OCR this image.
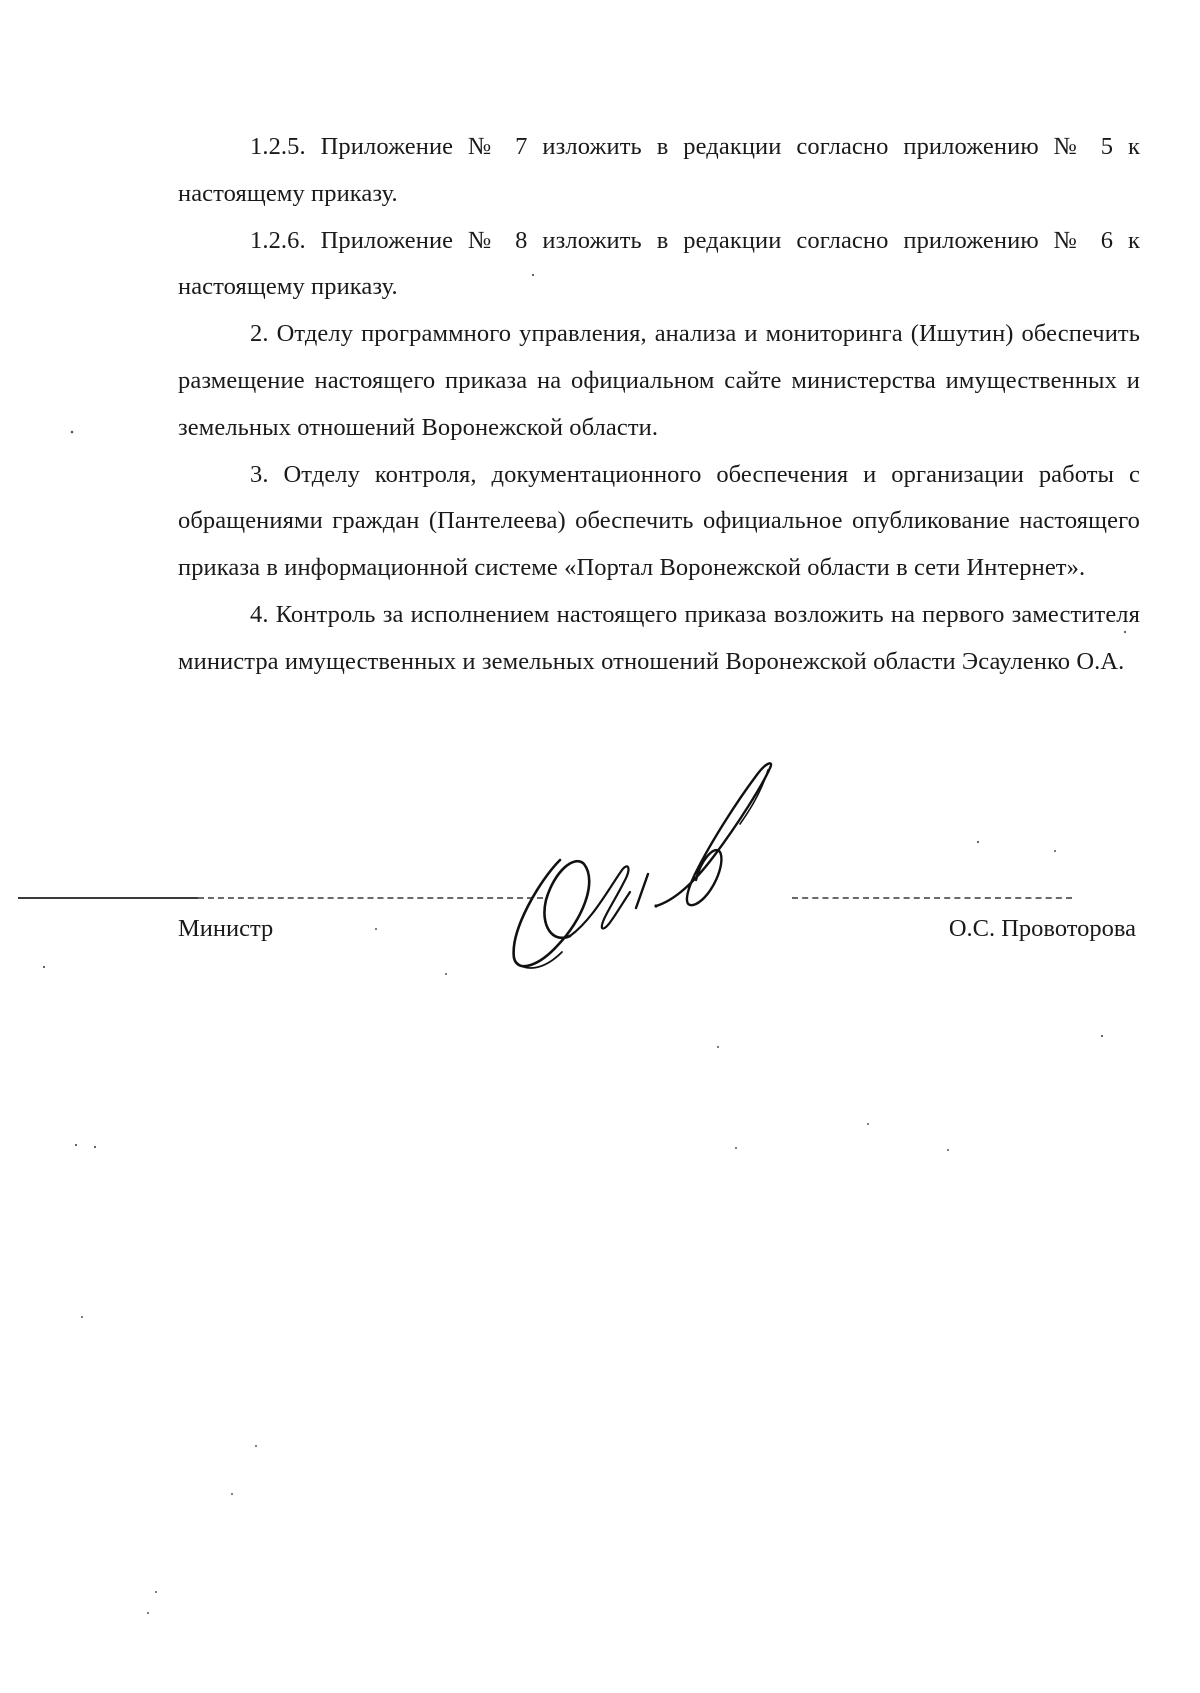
1.2.5. Приложение № 7 изложить в редакции согласно приложению № 5 к настоящему приказу.

1.2.6. Приложение № 8 изложить в редакции согласно приложению № 6 к настоящему приказу.

2. Отделу программного управления, анализа и мониторинга (Ишутин) обеспечить размещение настоящего приказа на официальном сайте министерства имущественных и земельных отношений Воронежской области.

3. Отделу контроля, документационного обеспечения и организации работы с обращениями граждан (Пантелеева) обеспечить официальное опубликование настоящего приказа в информационной системе «Портал Воронежской области в сети Интернет».

4. Контроль за исполнением настоящего приказа возложить на первого заместителя министра имущественных и земельных отношений Воронежской области Эсауленко О.А.

Министр	О.С. Провоторова
